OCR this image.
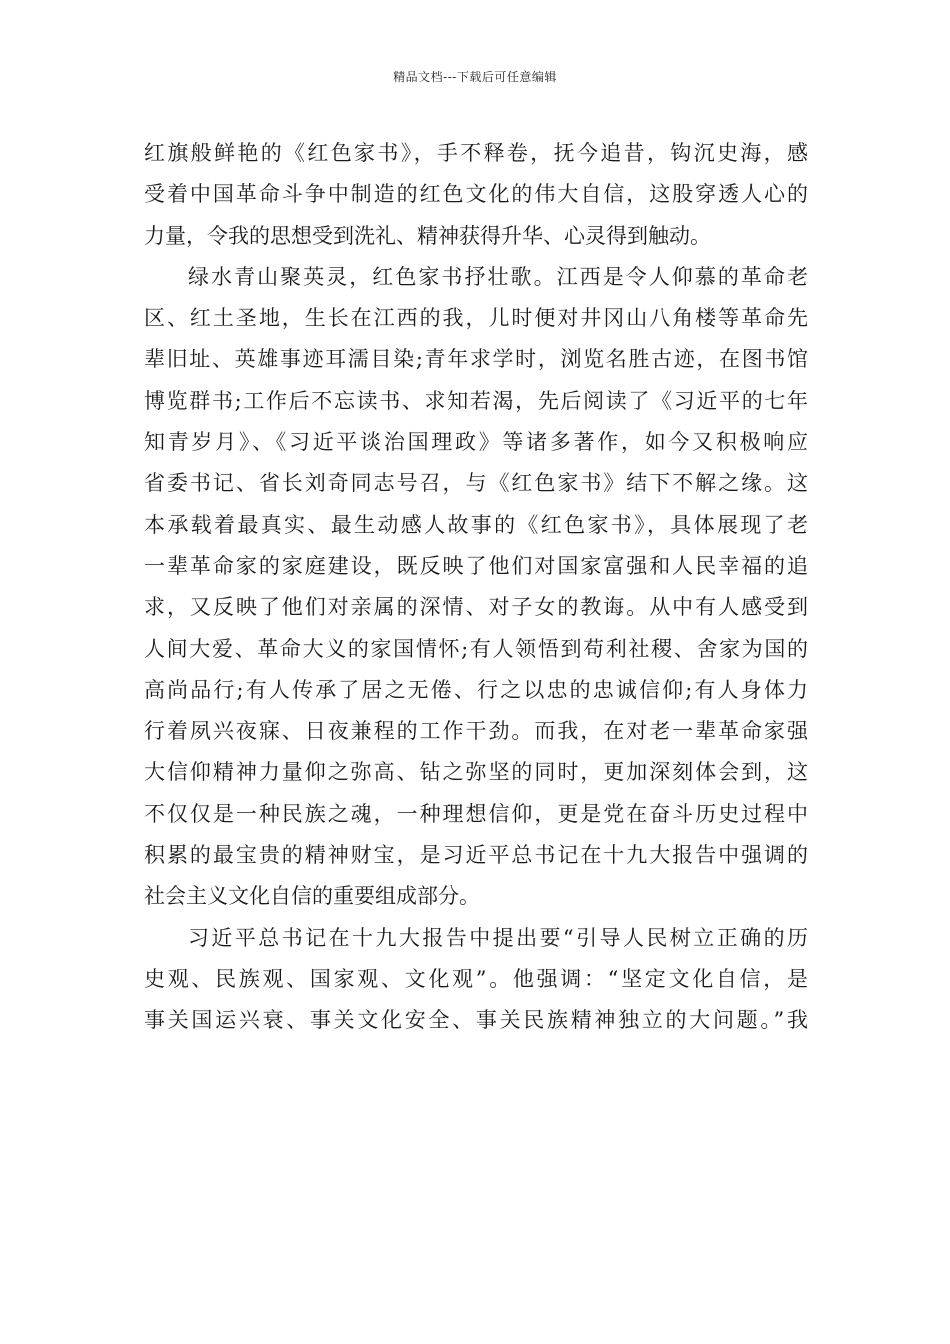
精品文档---下载后可任意编辑
红旗般鲜艳的《红色家书》，手不释卷，抚今追昔，钩沉史海，感
受着中国革命斗争中制造的红色文化的伟大自信，这股穿透人心的
力量，令我的思想受到洗礼、精神获得升华、心灵得到触动。
绿水青山聚英灵，红色家书抒壮歌。江西是令人仰慕的革命老
区、红土圣地，生长在江西的我，儿时便对井冈山八角楼等革命先
辈旧址、英雄事迹耳濡目染;青年求学时，浏览名胜古迹，在图书馆
博览群书;工作后不忘读书、求知若渴，先后阅读了《习近平的七年
知青岁月》、《习近平谈治国理政》等诸多著作，如今又积极响应
省委书记、省长刘奇同志号召，与《红色家书》结下不解之缘。这
本承载着最真实、最生动感人故事的《红色家书》，具体展现了老
一辈革命家的家庭建设，既反映了他们对国家富强和人民幸福的追
求，又反映了他们对亲属的深情、对子女的教诲。从中有人感受到
人间大爱、革命大义的家国情怀;有人领悟到苟利社稷、舍家为国的
高尚品行;有人传承了居之无倦、行之以忠的忠诚信仰;有人身体力
行着夙兴夜寐、日夜兼程的工作干劲。而我，在对老一辈革命家强
大信仰精神力量仰之弥高、钻之弥坚的同时，更加深刻体会到，这
不仅仅是一种民族之魂，一种理想信仰，更是党在奋斗历史过程中
积累的最宝贵的精神财宝，是习近平总书记在十九大报告中强调的
社会主义文化自信的重要组成部分。
习近平总书记在十九大报告中提出要“引导人民树立正确的历
史观、民族观、国家观、文化观”。他强调：“坚定文化自信，是
事关国运兴衰、事关文化安全、事关民族精神独立的大问题。”我
